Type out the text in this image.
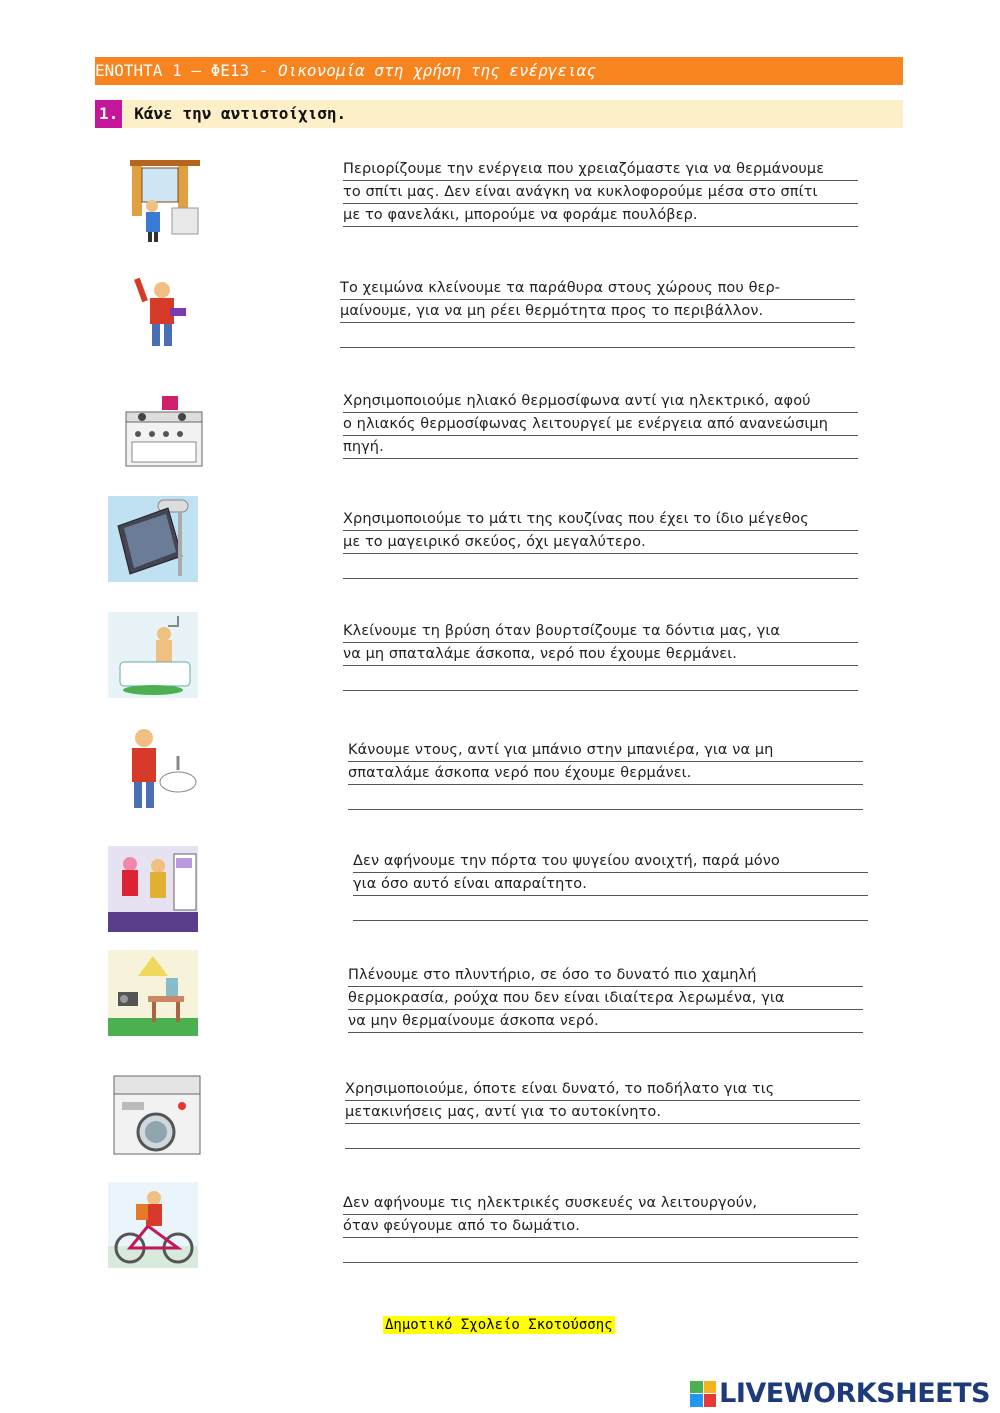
ΕΝΟΤΗΤΑ 1 – ΦΕ13 - Οικονομία στη χρήση της ενέργειας
1. Κάνε την αντιστοίχιση.
Περιορίζουμε την ενέργεια που χρειαζόμαστε για να θερμάνουμε
το σπίτι μας. Δεν είναι ανάγκη να κυκλοφορούμε μέσα στο σπίτι
με το φανελάκι, μπορούμε να φοράμε πουλόβερ.
Το χειμώνα κλείνουμε τα παράθυρα στους χώρους που θερ-
μαίνουμε, για να μη ρέει θερμότητα προς το περιβάλλον.
Χρησιμοποιούμε ηλιακό θερμοσίφωνα αντί για ηλεκτρικό, αφού
ο ηλιακός θερμοσίφωνας λειτουργεί με ενέργεια από ανανεώσιμη
πηγή.
Χρησιμοποιούμε το μάτι της κουζίνας που έχει το ίδιο μέγεθος
με το μαγειρικό σκεύος, όχι μεγαλύτερο.
Κλείνουμε τη βρύση όταν βουρτσίζουμε τα δόντια μας, για
να μη σπαταλάμε άσκοπα, νερό που έχουμε θερμάνει.
Κάνουμε ντους, αντί για μπάνιο στην μπανιέρα, για να μη
σπαταλάμε άσκοπα νερό που έχουμε θερμάνει.
Δεν αφήνουμε την πόρτα του ψυγείου ανοιχτή, παρά μόνο
για όσο αυτό είναι απαραίτητο.
Πλένουμε στο πλυντήριο, σε όσο το δυνατό πιο χαμηλή
θερμοκρασία, ρούχα που δεν είναι ιδιαίτερα λερωμένα, για
να μην θερμαίνουμε άσκοπα νερό.
Χρησιμοποιούμε, όποτε είναι δυνατό, το ποδήλατο για τις
μετακινήσεις μας, αντί για το αυτοκίνητο.
Δεν αφήνουμε τις ηλεκτρικές συσκευές να λειτουργούν,
όταν φεύγουμε από το δωμάτιο.
Δημοτικό Σχολείο Σκοτούσσης
LIVEWORKSHEETS
